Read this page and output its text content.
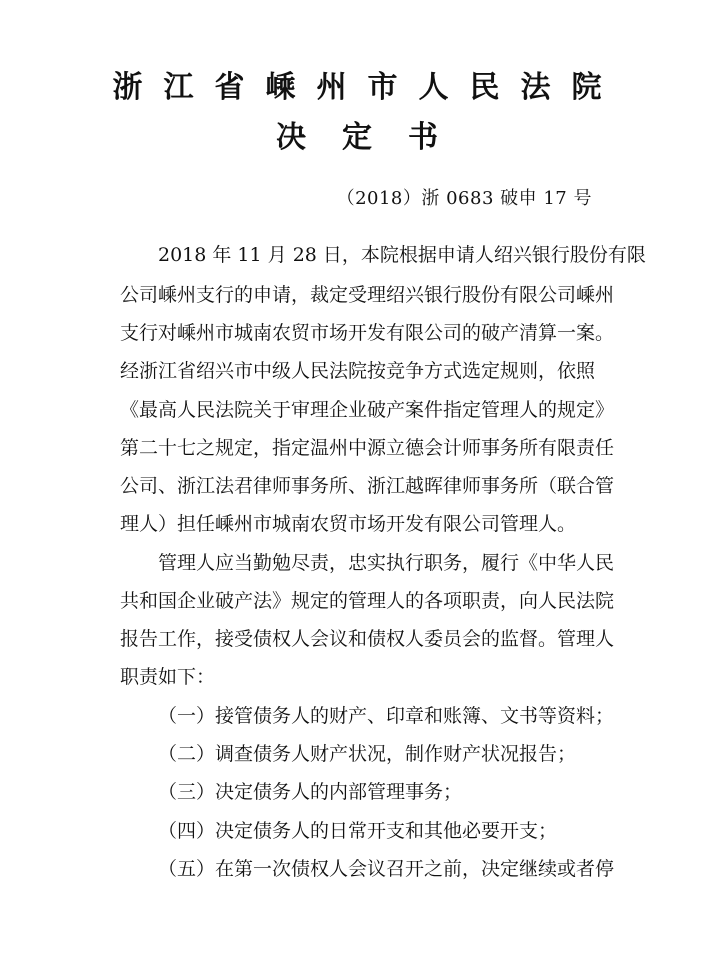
浙江省嵊州市人民法院
决定书
（2018）浙 0683 破申 17 号
2018 年 11 月 28 日，本院根据申请人绍兴银行股份有限
公司嵊州支行的申请，裁定受理绍兴银行股份有限公司嵊州
支行对嵊州市城南农贸市场开发有限公司的破产清算一案。
经浙江省绍兴市中级人民法院按竞争方式选定规则，依照
《最高人民法院关于审理企业破产案件指定管理人的规定》
第二十七之规定，指定温州中源立德会计师事务所有限责任
公司、浙江法君律师事务所、浙江越晖律师事务所（联合管
理人）担任嵊州市城南农贸市场开发有限公司管理人。
管理人应当勤勉尽责，忠实执行职务，履行《中华人民
共和国企业破产法》规定的管理人的各项职责，向人民法院
报告工作，接受债权人会议和债权人委员会的监督。管理人
职责如下：
（一）接管债务人的财产、印章和账簿、文书等资料；
（二）调查债务人财产状况，制作财产状况报告；
（三）决定债务人的内部管理事务；
（四）决定债务人的日常开支和其他必要开支；
（五）在第一次债权人会议召开之前，决定继续或者停
